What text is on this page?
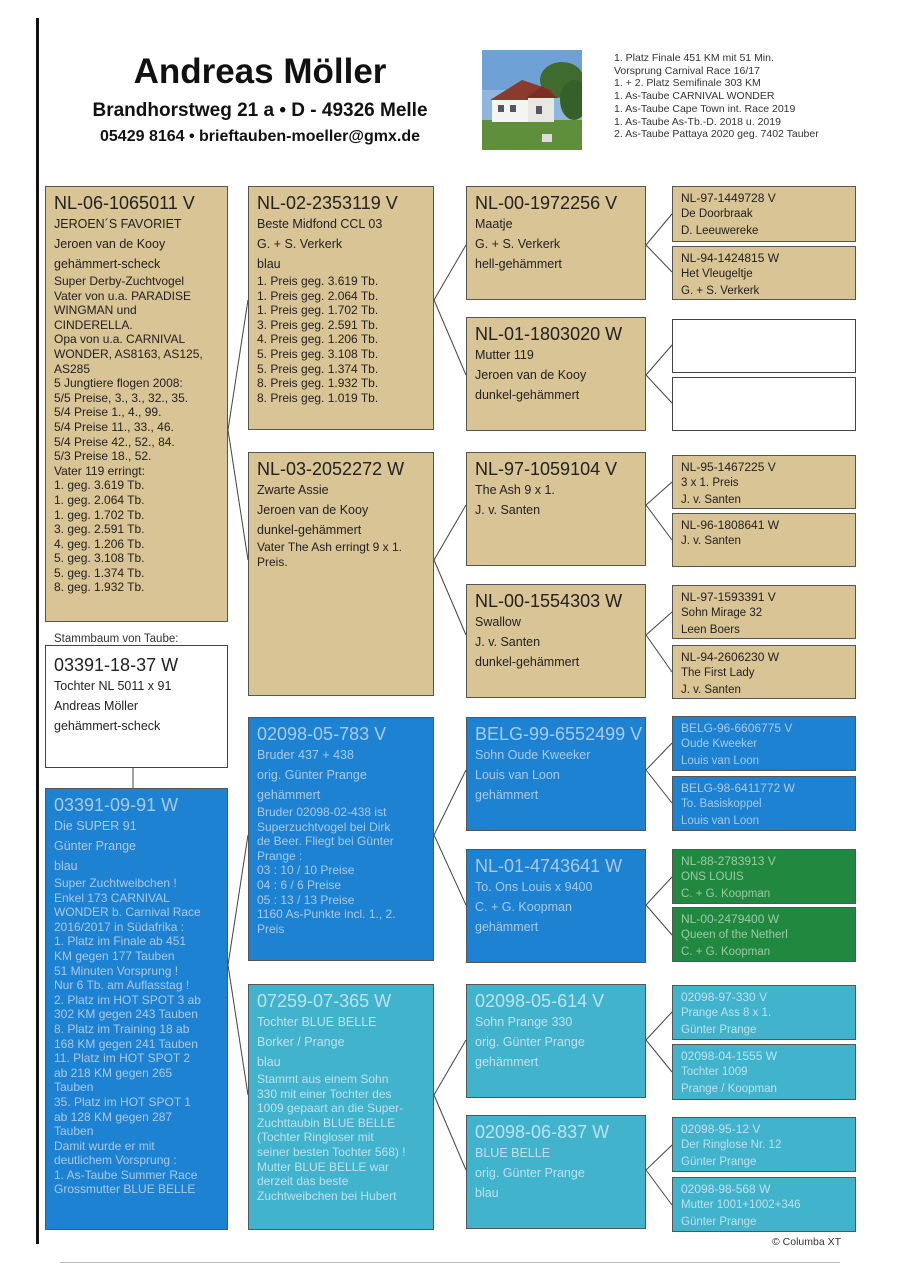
Andreas Möller
Brandhorstweg 21 a • D - 49326 Melle
05429 8164 • brieftauben-moeller@gmx.de
1. Platz Finale 451 KM mit 51 Min.
Vorsprung Carnival Race 16/17
1. + 2. Platz Semifinale 303 KM
1. As-Taube CARNIVAL WONDER
1. As-Taube Cape Town int. Race 2019
1. As-Taube As-Tb.-D. 2018 u. 2019
2. As-Taube Pattaya 2020 geg. 7402 Tauber
NL-06-1065011 V
JEROEN´S FAVORIET
Jeroen van de Kooy
gehämmert-scheck
Super Derby-Zuchtvogel
Vater von u.a. PARADISE
WINGMAN und
CINDERELLA.
Opa von u.a. CARNIVAL
WONDER, AS8163, AS125,
AS285
5 Jungtiere flogen 2008:
5/5 Preise, 3., 3., 32., 35.
5/4 Preise 1., 4., 99.
5/4 Preise 11., 33., 46.
5/4 Preise 42., 52., 84.
5/3 Preise 18., 52.
Vater 119 erringt:
1. geg. 3.619 Tb.
1. geg. 2.064 Tb.
1. geg. 1.702 Tb.
3. geg. 2.591 Tb.
4. geg. 1.206 Tb.
5. geg. 3.108 Tb.
5. geg. 1.374 Tb.
8. geg. 1.932 Tb.
03391-18-37 W
Tochter NL 5011 x 91
Andreas Möller
gehämmert-scheck
Stammbaum von Taube:
03391-09-91 W
Die SUPER 91
Günter Prange
blau
Super Zuchtweibchen !
Enkel 173 CARNIVAL
WONDER b. Carnival Race
2016/2017 in Südafrika :
1. Platz im Finale ab 451
KM gegen 177 Tauben
51 Minuten Vorsprung !
Nur 6 Tb. am Auflasstag !
2. Platz im HOT SPOT 3 ab
302 KM gegen 243 Tauben
8. Platz im Training 18 ab
168 KM gegen 241 Tauben
11. Platz im HOT SPOT 2
ab 218 KM gegen 265
Tauben
35. Platz im HOT SPOT 1
ab 128 KM gegen 287
Tauben
Damit wurde er mit
deutlichem Vorsprung :
1. As-Taube Summer Race
Grossmutter BLUE BELLE
NL-02-2353119 V
Beste Midfond CCL 03
G. + S. Verkerk
blau
1. Preis geg. 3.619 Tb.
1. Preis geg. 2.064 Tb.
1. Preis geg. 1.702 Tb.
3. Preis geg. 2.591 Tb.
4. Preis geg. 1.206 Tb.
5. Preis geg. 3.108 Tb.
5. Preis geg. 1.374 Tb.
8. Preis geg. 1.932 Tb.
8. Preis geg. 1.019 Tb.
NL-03-2052272 W
Zwarte Assie
Jeroen van de Kooy
dunkel-gehämmert
Vater The Ash erringt 9 x 1.
Preis.
02098-05-783 V
Bruder 437 + 438
orig. Günter Prange
gehämmert
Bruder 02098-02-438 ist
Superzuchtvogel bei Dirk
de Beer. Fliegt bei Günter
Prange :
03 : 10 / 10 Preise
04 : 6 / 6 Preise
05 : 13 / 13 Preise
1160 As-Punkte incl. 1., 2.
Preis
07259-07-365 W
Tochter BLUE BELLE
Borker / Prange
blau
Stammt aus einem Sohn
330 mit einer Tochter des
1009 gepaart an die Super-
Zuchttaubin BLUE BELLE
(Tochter Ringloser mit
seiner besten Tochter 568) !
Mutter BLUE BELLE war
derzeit das beste
Zuchtweibchen bei Hubert
NL-00-1972256 V
Maatje
G. + S. Verkerk
hell-gehämmert
NL-01-1803020 W
Mutter 119
Jeroen van de Kooy
dunkel-gehämmert
NL-97-1059104 V
The Ash 9 x 1.
J. v. Santen
NL-00-1554303 W
Swallow
J. v. Santen
dunkel-gehämmert
BELG-99-6552499 V
Sohn Oude Kweeker
Louis van Loon
gehämmert
NL-01-4743641 W
To. Ons Louis x 9400
C. + G. Koopman
gehämmert
02098-05-614 V
Sohn Prange 330
orig. Günter Prange
gehämmert
02098-06-837 W
BLUE BELLE
orig. Günter Prange
blau
NL-97-1449728 V
De Doorbraak
D. Leeuwereke
NL-94-1424815 W
Het Vleugeltje
G. + S. Verkerk
NL-95-1467225 V
3 x 1. Preis
J. v. Santen
NL-96-1808641 W
J. v. Santen
NL-97-1593391 V
Sohn Mirage 32
Leen Boers
NL-94-2606230 W
The First Lady
J. v. Santen
BELG-96-6606775 V
Oude Kweeker
Louis van Loon
BELG-98-6411772 W
To. Basiskoppel
Louis van Loon
NL-88-2783913 V
ONS LOUIS
C. + G. Koopman
NL-00-2479400 W
Queen of the Netherl
C. + G. Koopman
02098-97-330 V
Prange Ass 8 x 1.
Günter Prange
02098-04-1555 W
Tochter 1009
Prange / Koopman
02098-95-12 V
Der Ringlose Nr. 12
Günter Prange
02098-98-568 W
Mutter 1001+1002+346
Günter Prange
© Columba XT
